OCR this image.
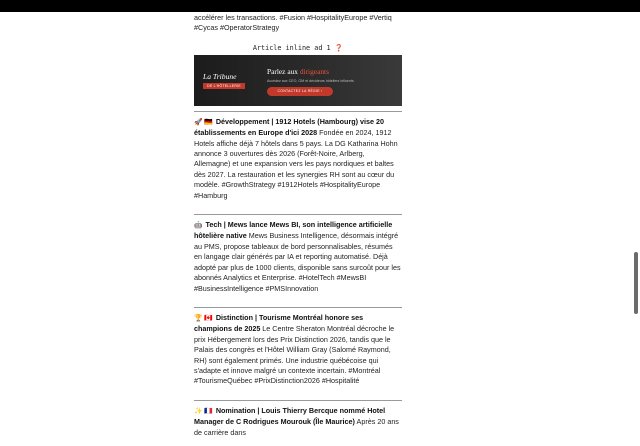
accélérer les transactions. #Fusion #HospitalityEurope #Vertiq #Cycas #OperatorStrategy

Article inline ad 1 ❓
La Tribune
DE L'HÔTELLERIE
Parlez aux dirigeants
Accédez aux CEO, GM et décideurs hôteliers influents.
CONTACTEZ LA RÉGIE ›
🚀 🇩🇪 Développement | 1912 Hotels (Hambourg) vise 20 établissements en Europe d'ici 2028 Fondée en 2024, 1912 Hotels affiche déjà 7 hôtels dans 5 pays. La DG Katharina Hohn annonce 3 ouvertures dès 2026 (Forêt-Noire, Arlberg, Allemagne) et une expansion vers les pays nordiques et baltes dès 2027. La restauration et les synergies RH sont au cœur du modèle. #GrowthStrategy #1912Hotels #HospitalityEurope #Hamburg
🤖 Tech | Mews lance Mews BI, son intelligence artificielle hôtelière native Mews Business Intelligence, désormais intégré au PMS, propose tableaux de bord personnalisables, résumés en langage clair générés par IA et reporting automatisé. Déjà adopté par plus de 1000 clients, disponible sans surcoût pour les abonnés Analytics et Enterprise. #HotelTech #MewsBI #BusinessIntelligence #PMSInnovation
🏆 🇨🇦 Distinction | Tourisme Montréal honore ses champions de 2025 Le Centre Sheraton Montréal décroche le prix Hébergement lors des Prix Distinction 2026, tandis que le Palais des congrès et l'Hôtel William Gray (Salomé Raymond, RH) sont également primés. Une industrie québécoise qui s'adapte et innove malgré un contexte incertain. #Montréal #TourismeQuébec #PrixDistinction2026 #Hospitalité
✨ 🇫🇷 Nomination | Louis Thierry Bercque nommé Hotel Manager de C Rodrigues Mourouk (Île Maurice) Après 20 ans de carrière dans
